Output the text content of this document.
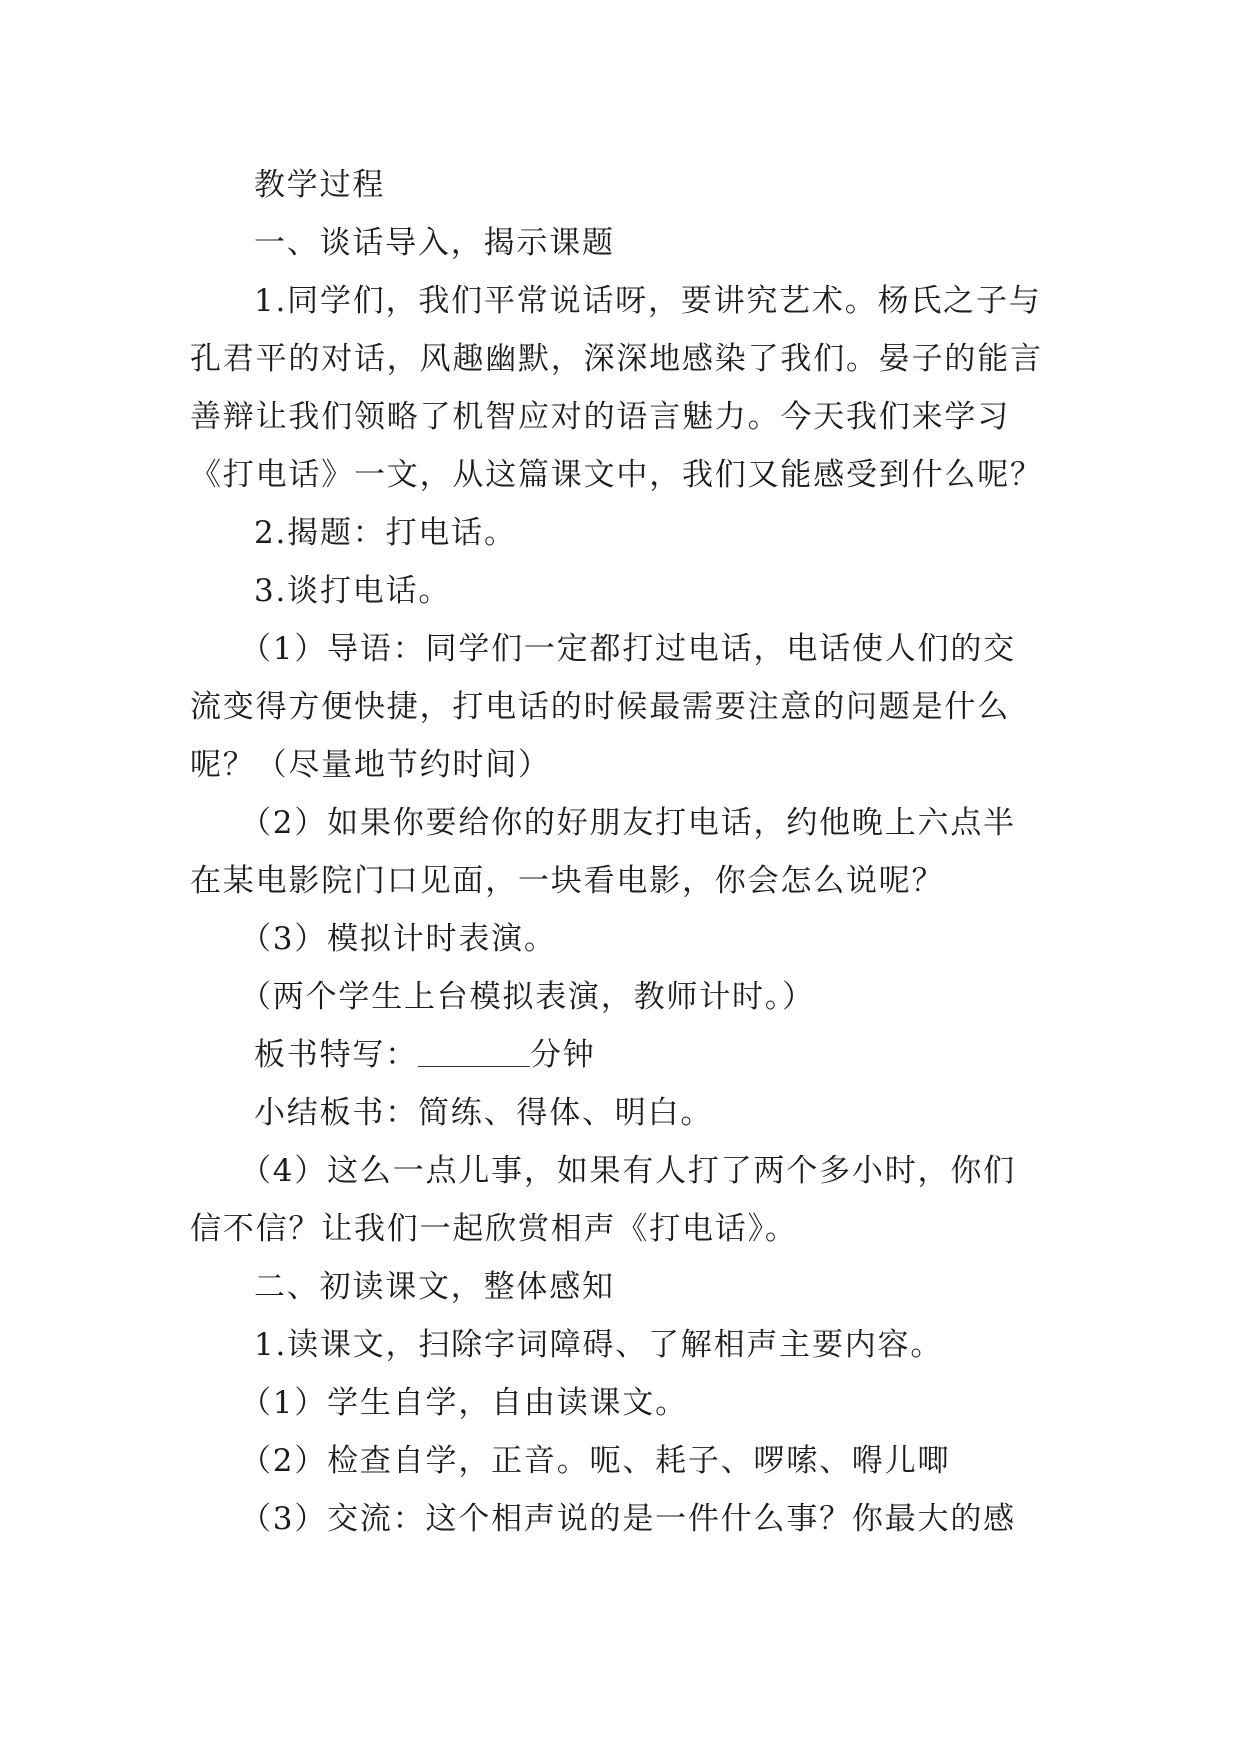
教学过程
一、谈话导入，揭示课题
1.同学们，我们平常说话呀，要讲究艺术。杨氏之子与
孔君平的对话，风趣幽默，深深地感染了我们。晏子的能言
善辩让我们领略了机智应对的语言魅力。今天我们来学习
《打电话》一文，从这篇课文中，我们又能感受到什么呢？
2.揭题：打电话。
3.谈打电话。
（1）导语：同学们一定都打过电话，电话使人们的交
流变得方便快捷，打电话的时候最需要注意的问题是什么
呢？（尽量地节约时间）
（2）如果你要给你的好朋友打电话，约他晚上六点半
在某电影院门口见面，一块看电影，你会怎么说呢？
（3）模拟计时表演。
（两个学生上台模拟表演，教师计时。）
板书特写：	分钟
小结板书：简练、得体、明白。
（4）这么一点儿事，如果有人打了两个多小时，你们
信不信？让我们一起欣赏相声《打电话》。
二、初读课文，整体感知
1.读课文，扫除字词障碍、了解相声主要内容。
（1）学生自学，自由读课文。
（2）检查自学，正音。呃、耗子、啰嗦、嘚儿唧
（3）交流：这个相声说的是一件什么事？你最大的感
